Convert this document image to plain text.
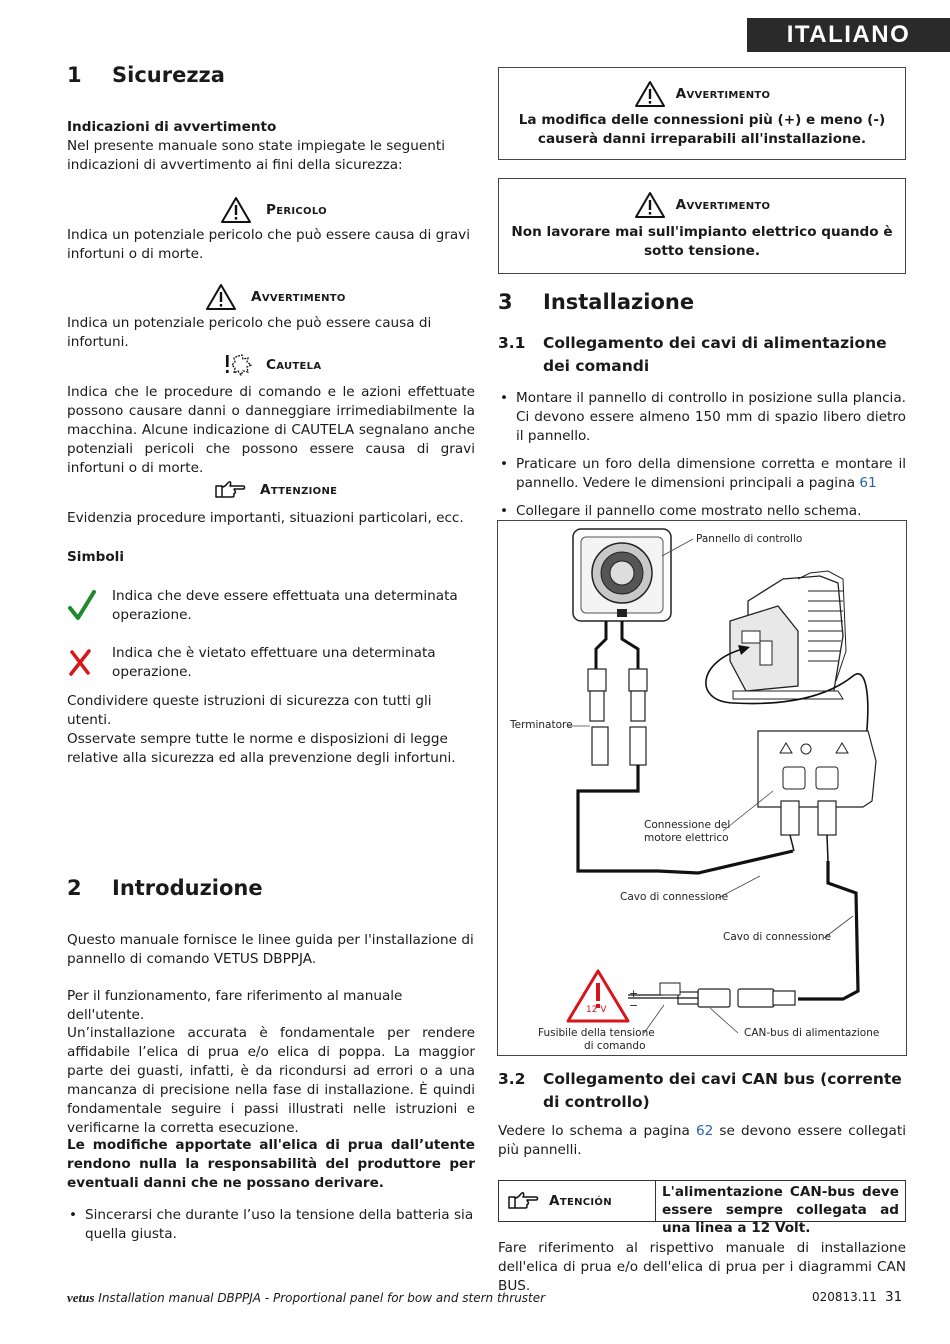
ITALIANO
1 Sicurezza
Indicazioni di avvertimento
Nel presente manuale sono state impiegate le seguenti indicazioni di avvertimento ai fini della sicurezza:
Pericolo
Indica un potenziale pericolo che può essere causa di gravi infortuni o di morte.
Avvertimento
Indica un potenziale pericolo che può essere causa di infortuni.
Cautela
Indica che le procedure di comando e le azioni effettuate possono causare danni o danneggiare irrimediabilmente la macchina. Alcune indicazione di CAUTELA segnalano anche potenziali pericoli che possono essere causa di gravi infortuni o di morte.
Attenzione
Evidenzia procedure importanti, situazioni particolari, ecc.
Simboli
Indica che deve essere effettuata una determinata operazione.
Indica che è vietato effettuare una determinata operazione.
Condividere queste istruzioni di sicurezza con tutti gli utenti.
Osservate sempre tutte le norme e disposizioni di legge relative alla sicurezza ed alla prevenzione degli infortuni.
2 Introduzione
Questo manuale fornisce le linee guida per l'installazione di pannello di comando VETUS DBPPJA.
Per il funzionamento, fare riferimento al manuale dell'utente.
Un’installazione accurata è fondamentale per rendere affidabile l’elica di prua e/o elica di poppa. La maggior parte dei guasti, infatti, è da ricondursi ad errori o a una mancanza di precisione nella fase di installazione. È quindi fondamentale seguire i passi illustrati nelle istruzioni e verificarne la corretta esecuzione.
Le modifiche apportate all'elica di prua dall’utente rendono nulla la responsabilità del produttore per eventuali danni che ne possano derivare.
• Sincerarsi che durante l’uso la tensione della batteria sia quella giusta.
Avvertimento
La modifica delle connessioni più (+) e meno (-) causerà danni irreparabili all'installazione.
Avvertimento
Non lavorare mai sull'impianto elettrico quando è sotto tensione.
3 Installazione
3.1 Collegamento dei cavi di alimentazione dei comandi
• Montare il pannello di controllo in posizione sulla plancia. Ci devono essere almeno 150 mm di spazio libero dietro il pannello.
• Praticare un foro della dimensione corretta e montare il pannello. Vedere le dimensioni principali a pagina 61
• Collegare il pannello come mostrato nello schema.
Pannello di controllo
Terminatore
Connessione del
motore elettrico
Cavo di connessione
Cavo di connessione
Fusibile della tensione
di comando
CAN-bus di alimentazione
12 V
+
−
3.2 Collegamento dei cavi CAN bus (corrente di controllo)
Vedere lo schema a pagina 62 se devono essere collegati più pannelli.
Atención
L'alimentazione CAN-bus deve essere sempre collegata ad una linea a 12 Volt.
Fare riferimento al rispettivo manuale di installazione dell'elica di prua e/o dell'elica di prua per i diagrammi CAN BUS.
vetus Installation manual DBPPJA - Proportional panel for bow and stern thruster	020813.11 31
